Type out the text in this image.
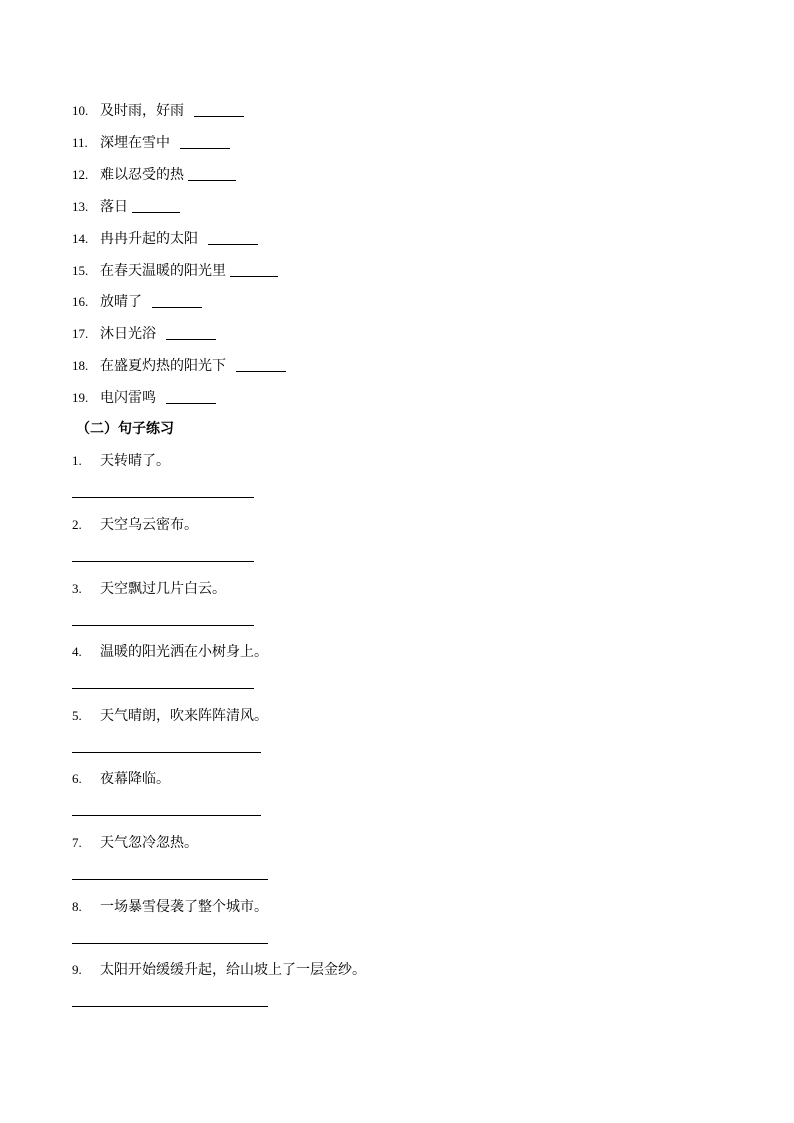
10. 及时雨，好雨
11. 深埋在雪中
12. 难以忍受的热
13. 落日
14. 冉冉升起的太阳
15. 在春天温暖的阳光里
16. 放晴了
17. 沐日光浴
18. 在盛夏灼热的阳光下
19. 电闪雷鸣
（二）句子练习
1. 天转晴了。
2. 天空乌云密布。
3. 天空飘过几片白云。
4. 温暖的阳光洒在小树身上。
5. 天气晴朗，吹来阵阵清风。
6. 夜幕降临。
7. 天气忽冷忽热。
8. 一场暴雪侵袭了整个城市。
9. 太阳开始缓缓升起，给山坡上了一层金纱。
